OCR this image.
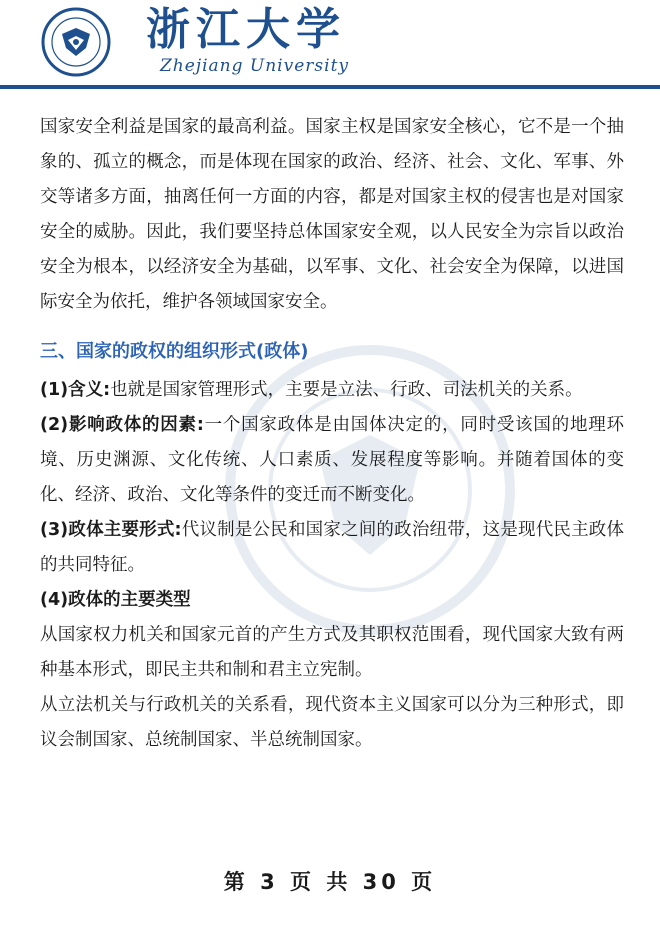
浙江大学
Zhejiang University

国家安全利益是国家的最高利益。国家主权是国家安全核心，它不是一个抽象的、孤立的概念，而是体现在国家的政治、经济、社会、文化、军事、外交等诸多方面，抽离任何一方面的内容，都是对国家主权的侵害也是对国家安全的威胁。因此，我们要坚持总体国家安全观，以人民安全为宗旨以政治安全为根本，以经济安全为基础，以军事、文化、社会安全为保障，以进国际安全为依托，维护各领域国家安全。

三、国家的政权的组织形式(政体)

(1)含义:也就是国家管理形式，主要是立法、行政、司法机关的关系。

(2)影响政体的因素:一个国家政体是由国体决定的，同时受该国的地理环境、历史渊源、文化传统、人口素质、发展程度等影响。并随着国体的变化、经济、政治、文化等条件的变迁而不断变化。

(3)政体主要形式:代议制是公民和国家之间的政治纽带，这是现代民主政体的共同特征。

(4)政体的主要类型

从国家权力机关和国家元首的产生方式及其职权范围看，现代国家大致有两种基本形式，即民主共和制和君主立宪制。

从立法机关与行政机关的关系看，现代资本主义国家可以分为三种形式，即议会制国家、总统制国家、半总统制国家。

第 3 页 共 30 页
